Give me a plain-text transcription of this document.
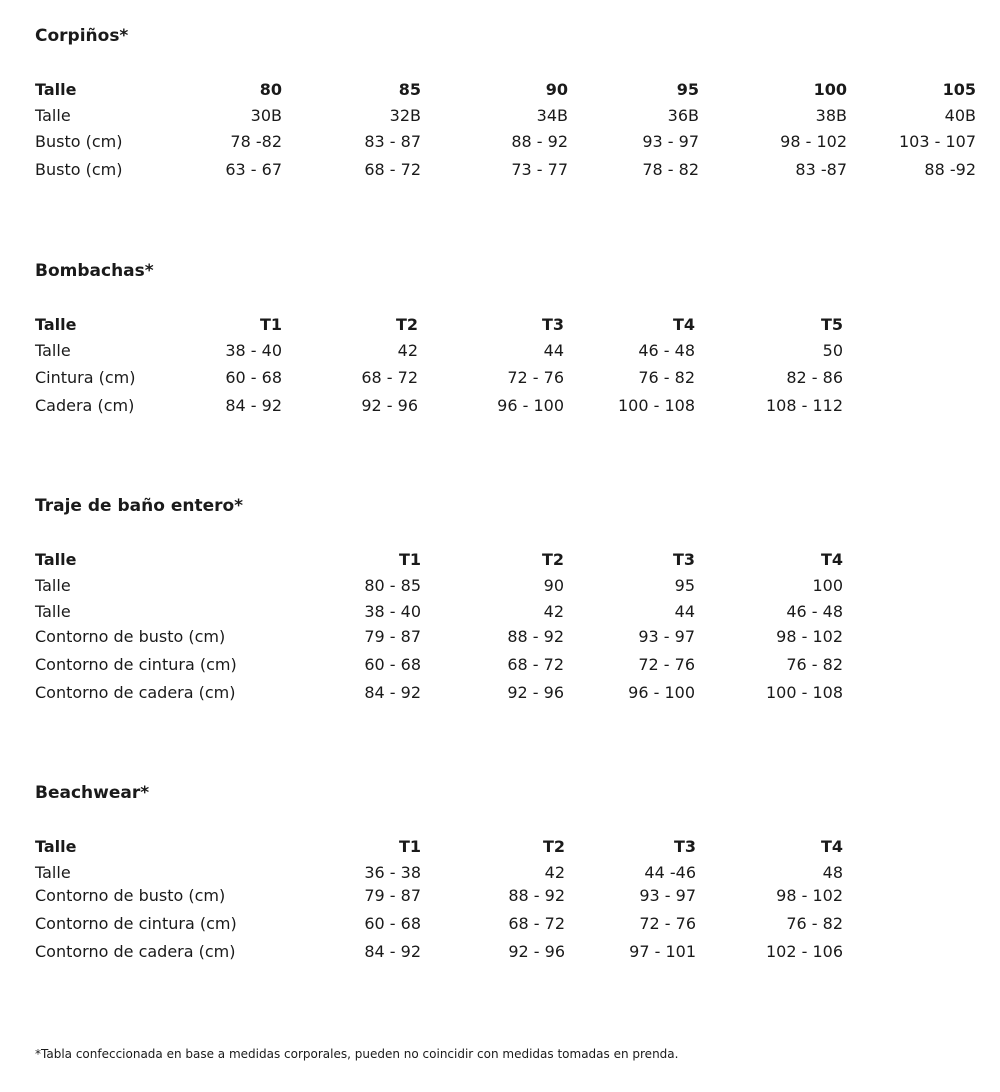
Corpiños*
Bombachas*
Traje de baño entero*
Beachwear*

*Tabla confeccionada en base a medidas corporales, pueden no coincidir con medidas tomadas en prenda.

Talle	80	85	90	95	100	105
Talle	30B	32B	34B	36B	38B	40B
Busto (cm)	78 -82	83 - 87	88 - 92	93 - 97	98 - 102	103 - 107
Busto (cm)	63 - 67	68 - 72	73 - 77	78 - 82	83 -87	88 -92
Talle	T1	T2	T3	T4	T5
Talle	38 - 40	42	44	46 - 48	50
Cintura (cm)	60 - 68	68 - 72	72 - 76	76 - 82	82 - 86
Cadera (cm)	84 - 92	92 - 96	96 - 100	100 - 108	108 - 112
Talle	T1	T2	T3	T4
Talle	80 - 85	90	95	100
Talle	38 - 40	42	44	46 - 48
Contorno de busto (cm)	79 - 87	88 - 92	93 - 97	98 - 102
Contorno de cintura (cm)	60 - 68	68 - 72	72 - 76	76 - 82
Contorno de cadera (cm)	84 - 92	92 - 96	96 - 100	100 - 108
Talle	T1	T2	T3	T4
Talle	36 - 38	42	44 -46	48
Contorno de busto (cm)	79 - 87	88 - 92	93 - 97	98 - 102
Contorno de cintura (cm)	60 - 68	68 - 72	72 - 76	76 - 82
Contorno de cadera (cm)	84 - 92	92 - 96	97 - 101	102 - 106
